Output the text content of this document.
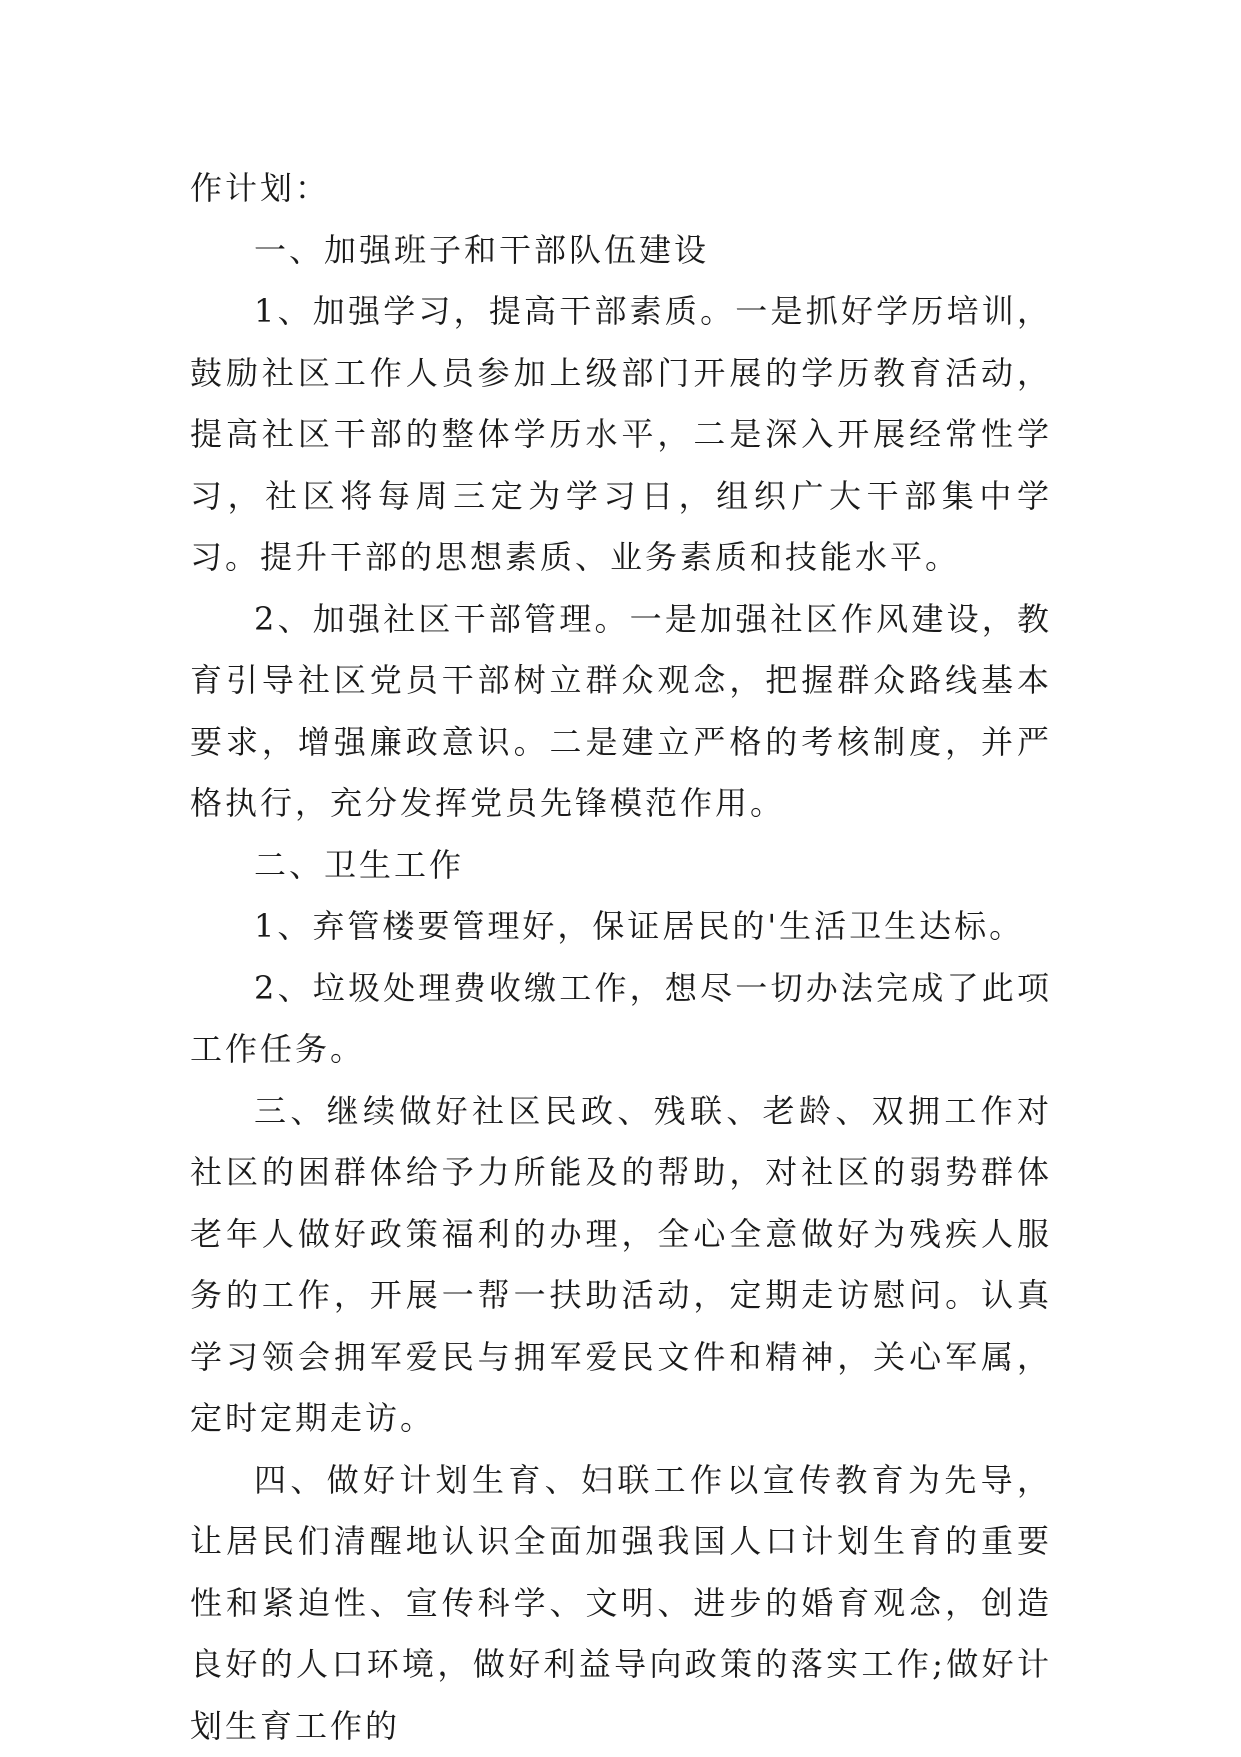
作计划：

一、加强班子和干部队伍建设

1、加强学习，提高干部素质。一是抓好学历培训，鼓励社区工作人员参加上级部门开展的学历教育活动，提高社区干部的整体学历水平，二是深入开展经常性学习，社区将每周三定为学习日，组织广大干部集中学习。提升干部的思想素质、业务素质和技能水平。

2、加强社区干部管理。一是加强社区作风建设，教育引导社区党员干部树立群众观念，把握群众路线基本要求，增强廉政意识。二是建立严格的考核制度，并严格执行，充分发挥党员先锋模范作用。

二、卫生工作

1、弃管楼要管理好，保证居民的'生活卫生达标。

2、垃圾处理费收缴工作，想尽一切办法完成了此项工作任务。

三、继续做好社区民政、残联、老龄、双拥工作对社区的困群体给予力所能及的帮助，对社区的弱势群体老年人做好政策福利的办理，全心全意做好为残疾人服务的工作，开展一帮一扶助活动，定期走访慰问。认真学习领会拥军爱民与拥军爱民文件和精神，关心军属，定时定期走访。

四、做好计划生育、妇联工作以宣传教育为先导，让居民们清醒地认识全面加强我国人口计划生育的重要性和紧迫性、宣传科学、文明、进步的婚育观念，创造良好的人口环境，做好利益导向政策的落实工作;做好计划生育工作的
